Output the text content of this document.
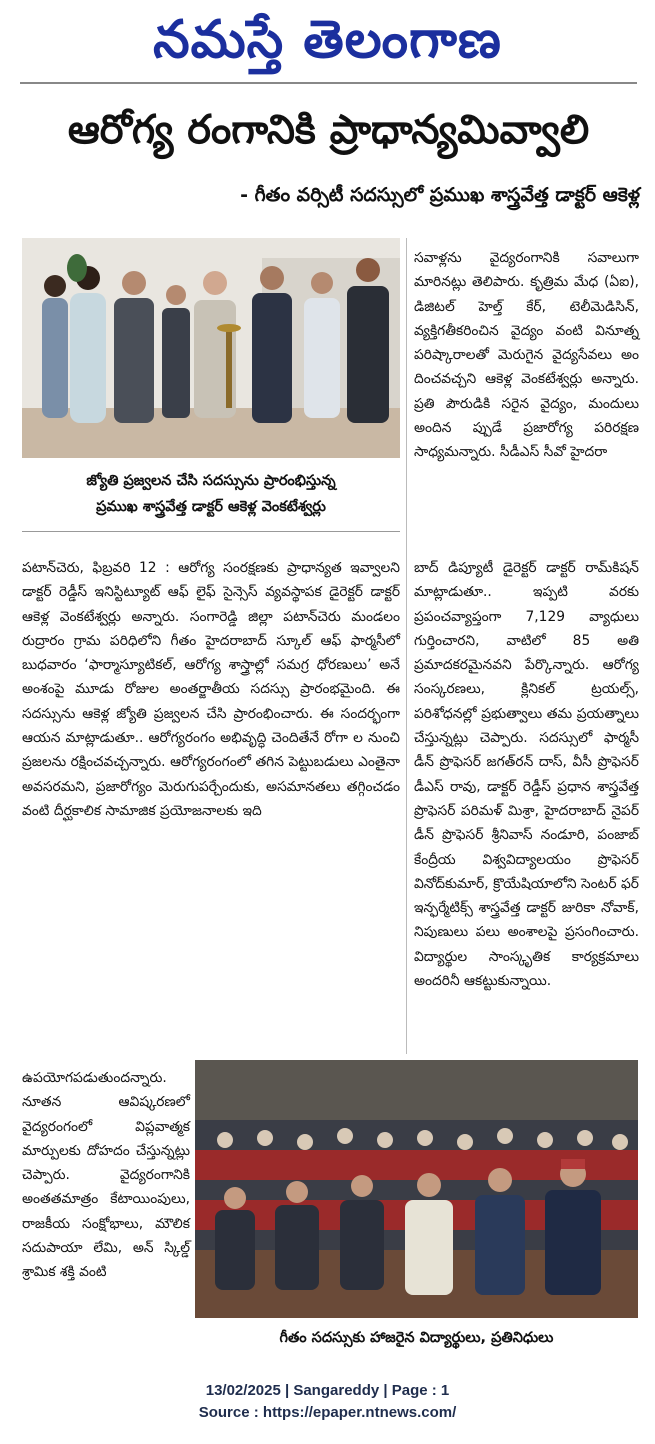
నమస్తే తెలంగాణ
ఆరోగ్య రంగానికి ప్రాధాన్యమివ్వాలి
- గీతం వర్సిటీ సదస్సులో ప్రముఖ శాస్త్రవేత్త డాక్టర్ ఆకెళ్ల
జ్యోతి ప్రజ్వలన చేసి సదస్సును ప్రారంభిస్తున్న
ప్రముఖ శాస్త్రవేత్త డాక్టర్ ఆకెళ్ల వెంకటేశ్వర్లు

సవాళ్లను వైద్యరంగానికి సవాలుగా మారినట్లు తెలిపారు. కృత్రిమ మేధ (ఏఐ), డిజిటల్ హెల్త్ కేర్, టెలీమెడిసిన్, వ్యక్తిగతీకరించిన వైద్యం వంటి వినూత్న పరిష్కారాలతో మెరుగైన వైద్యసేవలు అం దించవచ్చని ఆకెళ్ల వెంకటేశ్వర్లు అన్నారు. ప్రతి పౌరుడికి సరైన వైద్యం, మందులు అందిన ప్పుడే ప్రజారోగ్య పరిరక్షణ సాధ్యమన్నారు. సీడీఎస్ సీవో హైదరా

పటాన్‌చెరు, ఫిబ్రవరి 12 : ఆరోగ్య సంరక్షణకు ప్రాధాన్యత ఇవ్వాలని డాక్టర్ రెడ్డీస్ ఇనిస్టిట్యూట్ ఆఫ్ లైఫ్ సైన్సెస్ వ్యవస్థాపక డైరెక్టర్ డాక్టర్ ఆకెళ్ల వెంకటేశ్వర్లు అన్నారు. సంగారెడ్డి జిల్లా పటాన్‌చెరు మండలం రుద్రారం గ్రామ పరిధిలోని గీతం హైదరాబాద్ స్కూల్ ఆఫ్ ఫార్మసీలో బుధవారం ‘ఫార్మాస్యూటికల్, ఆరోగ్య శాస్త్రాల్లో సమగ్ర ధోరణులు’ అనే అంశంపై మూడు రోజుల అంతర్జాతీయ సదస్సు ప్రారంభమైంది. ఈ సదస్సును ఆకెళ్ల జ్యోతి ప్రజ్వలన చేసి ప్రారంభించారు. ఈ సందర్భంగా ఆయన మాట్లాడుతూ.. ఆరోగ్యరంగం అభివృద్ధి చెందితేనే రోగా ల నుంచి ప్రజలను రక్షించవచ్చన్నారు. ఆరోగ్యరంగంలో తగిన పెట్టుబడులు ఎంతైనా అవసరమని, ప్రజారోగ్యం మెరుగుపర్చేందుకు, అసమానతలు తగ్గించడం వంటి దీర్ఘకాలిక సామాజిక ప్రయోజనాలకు ఇది

బాద్ డిప్యూటీ డైరెక్టర్ డాక్టర్ రామ్‌కిషన్ మాట్లాడుతూ.. ఇప్పటి వరకు ప్రపంచవ్యాప్తంగా 7,129 వ్యాధులు గుర్తించారని, వాటిలో 85 అతి ప్రమాదకరమైనవని పేర్కొన్నారు. ఆరోగ్య సంస్కరణలు, క్లినికల్ ట్రయల్స్, పరిశోధనల్లో ప్రభుత్వాలు తమ ప్రయత్నాలు చేస్తున్నట్లు చెప్పారు. సదస్సులో ఫార్మసీ డీన్ ప్రొఫెసర్ జగత్‌రన్ దాస్, వీసీ ప్రొఫెసర్ డీఎస్ రావు, డాక్టర్ రెడ్డీస్ ప్రధాన శాస్త్రవేత్త ప్రొఫెసర్ పరిమళ్ మిశ్రా, హైదరాబాద్ నైపర్ డీన్ ప్రొఫెసర్ శ్రీనివాస్ నండూరి, పంజాబ్ కేంద్రీయ విశ్వవిద్యాలయం ప్రొఫెసర్ వినోద్‌కుమార్, క్రొయేషియాలోని సెంటర్ ఫర్ ఇన్ఫర్మేటిక్స్ శాస్త్రవేత్త డాక్టర్ జురికా నోవాక్, నిపుణులు పలు అంశాలపై ప్రసంగించారు. విద్యార్థుల సాంస్కృతిక కార్యక్రమాలు అందరినీ ఆకట్టుకున్నాయి.

ఉపయోగపడుతుందన్నారు. నూతన ఆవిష్కరణలో వైద్యరంగంలో విప్లవాత్మక మార్పులకు దోహదం చేస్తున్నట్లు చెప్పారు. వైద్యరంగానికి అంతతమాత్రం కేటాయింపులు, రాజకీయ సంక్షోభాలు, మౌలిక సదుపాయా లేమి, అన్ స్కిల్డ్ శ్రామిక శక్తి వంటి

గీతం సదస్సుకు హాజరైన విద్యార్థులు, ప్రతినిధులు
13/02/2025 | Sangareddy | Page : 1
Source : https://epaper.ntnews.com/
